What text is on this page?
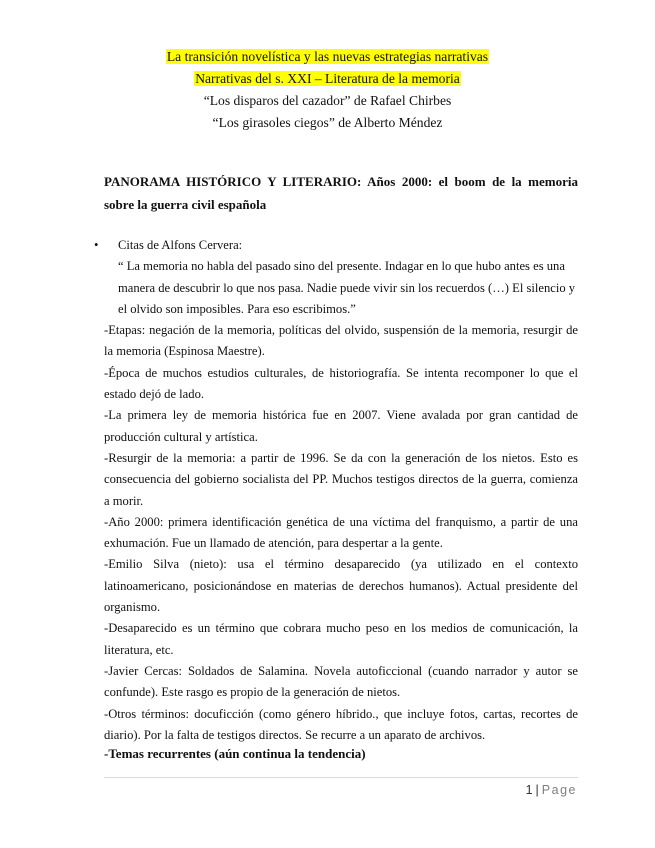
La transición novelística y las nuevas estrategias narrativas
Narrativas del s. XXI – Literatura de la memoria
“Los disparos del cazador” de Rafael Chirbes
“Los girasoles ciegos” de Alberto Méndez
PANORAMA HISTÓRICO Y LITERARIO: Años 2000: el boom de la memoria sobre la guerra civil española

• Citas de Alfons Cervera:

“ La memoria no habla del pasado sino del presente. Indagar en lo que hubo antes es una manera de descubrir lo que nos pasa. Nadie puede vivir sin los recuerdos (…) El silencio y el olvido son imposibles. Para eso escribimos.”

-Etapas: negación de la memoria, políticas del olvido, suspensión de la memoria, resurgir de la memoria (Espinosa Maestre).

-Época de muchos estudios culturales, de historiografía. Se intenta recomponer lo que el estado dejó de lado.

-La primera ley de memoria histórica fue en 2007. Viene avalada por gran cantidad de producción cultural y artística.

-Resurgir de la memoria: a partir de 1996. Se da con la generación de los nietos. Esto es consecuencia del gobierno socialista del PP. Muchos testigos directos de la guerra, comienza a morir.

-Año 2000: primera identificación genética de una víctima del franquismo, a partir de una exhumación. Fue un llamado de atención, para despertar a la gente.

-Emilio Silva (nieto): usa el término desaparecido (ya utilizado en el contexto latinoamericano, posicionándose en materias de derechos humanos). Actual presidente del organismo.

-Desaparecido es un término que cobrara mucho peso en los medios de comunicación, la literatura, etc.

-Javier Cercas: Soldados de Salamina. Novela autoficcional (cuando narrador y autor se confunde). Este rasgo es propio de la generación de nietos.

-Otros términos: docuficción (como género híbrido., que incluye fotos, cartas, recortes de diario). Por la falta de testigos directos. Se recurre a un aparato de archivos.

-Temas recurrentes (aún continua la tendencia)
1 | Page
